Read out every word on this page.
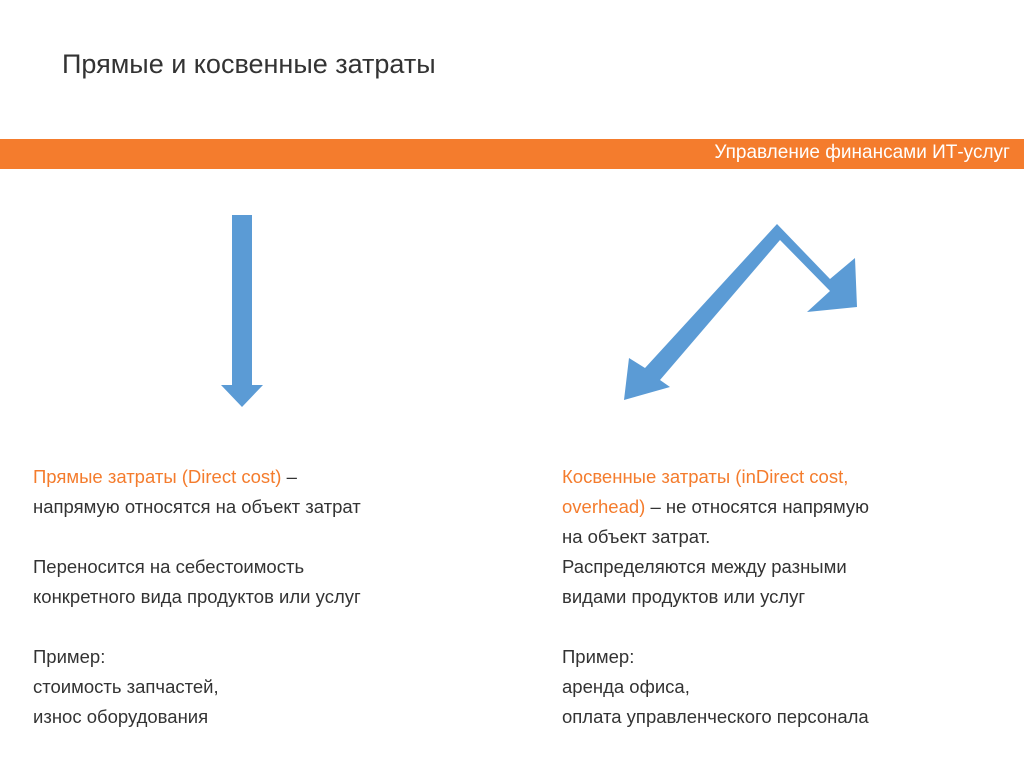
Прямые и косвенные затраты
Управление финансами ИТ-услуг

Прямые затраты (Direct cost) –

напрямую относятся на объект затрат

Переносится на себестоимость

конкретного вида продуктов или услуг

Пример:

стоимость запчастей,

износ оборудования

Косвенные затраты (inDirect cost,

overhead) – не относятся напрямую

на объект затрат.

Распределяются между разными

видами продуктов или услуг

Пример:

аренда офиса,

оплата управленческого персонала
